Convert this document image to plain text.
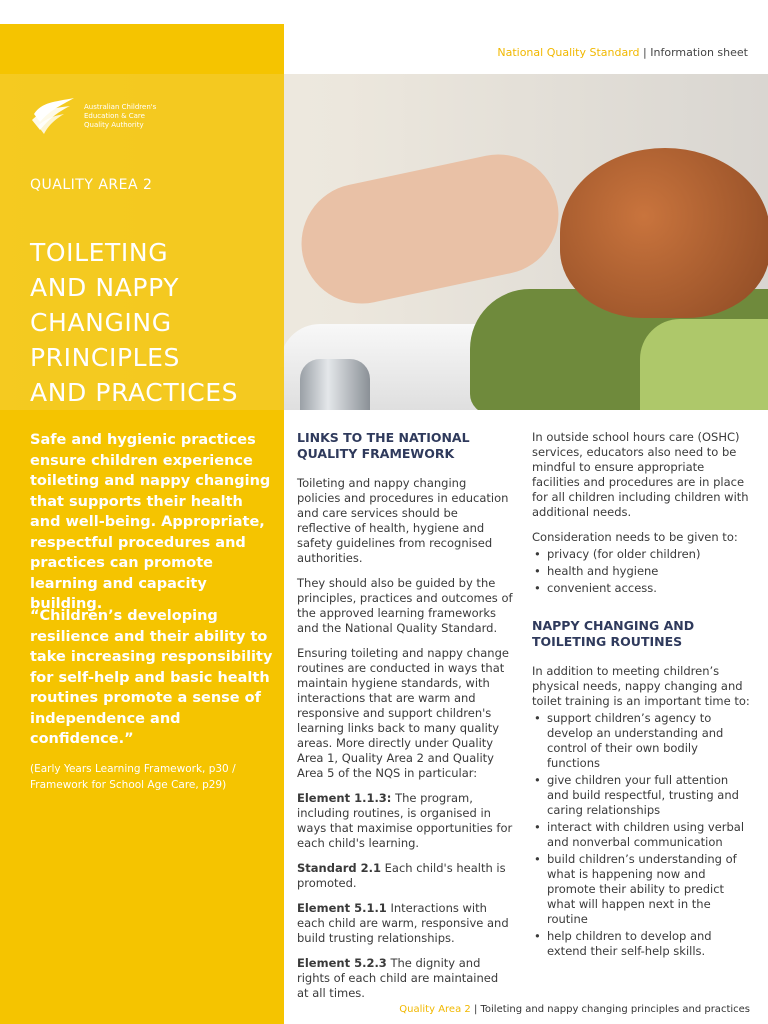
National Quality Standard | Information sheet
Australian Children's
Education & Care
Quality Authority
QUALITY AREA 2
TOILETING
AND NAPPY
CHANGING
PRINCIPLES
AND PRACTICES

Safe and hygienic practices ensure children experience toileting and nappy changing that supports their health and well-being. Appropriate, respectful procedures and practices can promote learning and capacity building.

“Children’s developing resilience and their ability to take increasing responsibility for self-help and basic health routines promote a sense of independence and confidence.”

(Early Years Learning Framework, p30 /
Framework for School Age Care, p29)

LINKS TO THE NATIONAL QUALITY FRAMEWORK

Toileting and nappy changing policies and procedures in education and care services should be reflective of health, hygiene and safety guidelines from recognised authorities.

They should also be guided by the principles, practices and outcomes of the approved learning frameworks and the National Quality Standard.

Ensuring toileting and nappy change routines are conducted in ways that maintain hygiene standards, with interactions that are warm and responsive and support children's learning links back to many quality areas. More directly under Quality Area 1, Quality Area 2 and Quality Area 5 of the NQS in particular:

Element 1.1.3: The program, including routines, is organised in ways that maximise opportunities for each child's learning.

Standard 2.1 Each child's health is promoted.

Element 5.1.1 Interactions with each child are warm, responsive and build trusting relationships.

Element 5.2.3 The dignity and rights of each child are maintained at all times.

In outside school hours care (OSHC) services, educators also need to be mindful to ensure appropriate facilities and procedures are in place for all children including children with additional needs.

Consideration needs to be given to:

• privacy (for older children)
• health and hygiene
• convenient access.
NAPPY CHANGING AND TOILETING ROUTINES

In addition to meeting children’s physical needs, nappy changing and toilet training is an important time to:

• support children’s agency to develop an understanding and control of their own bodily functions
• give children your full attention and build respectful, trusting and caring relationships
• interact with children using verbal and nonverbal communication
• build children’s understanding of what is happening now and promote their ability to predict what will happen next in the routine
• help children to develop and extend their self-help skills.
Quality Area 2 | Toileting and nappy changing principles and practices
